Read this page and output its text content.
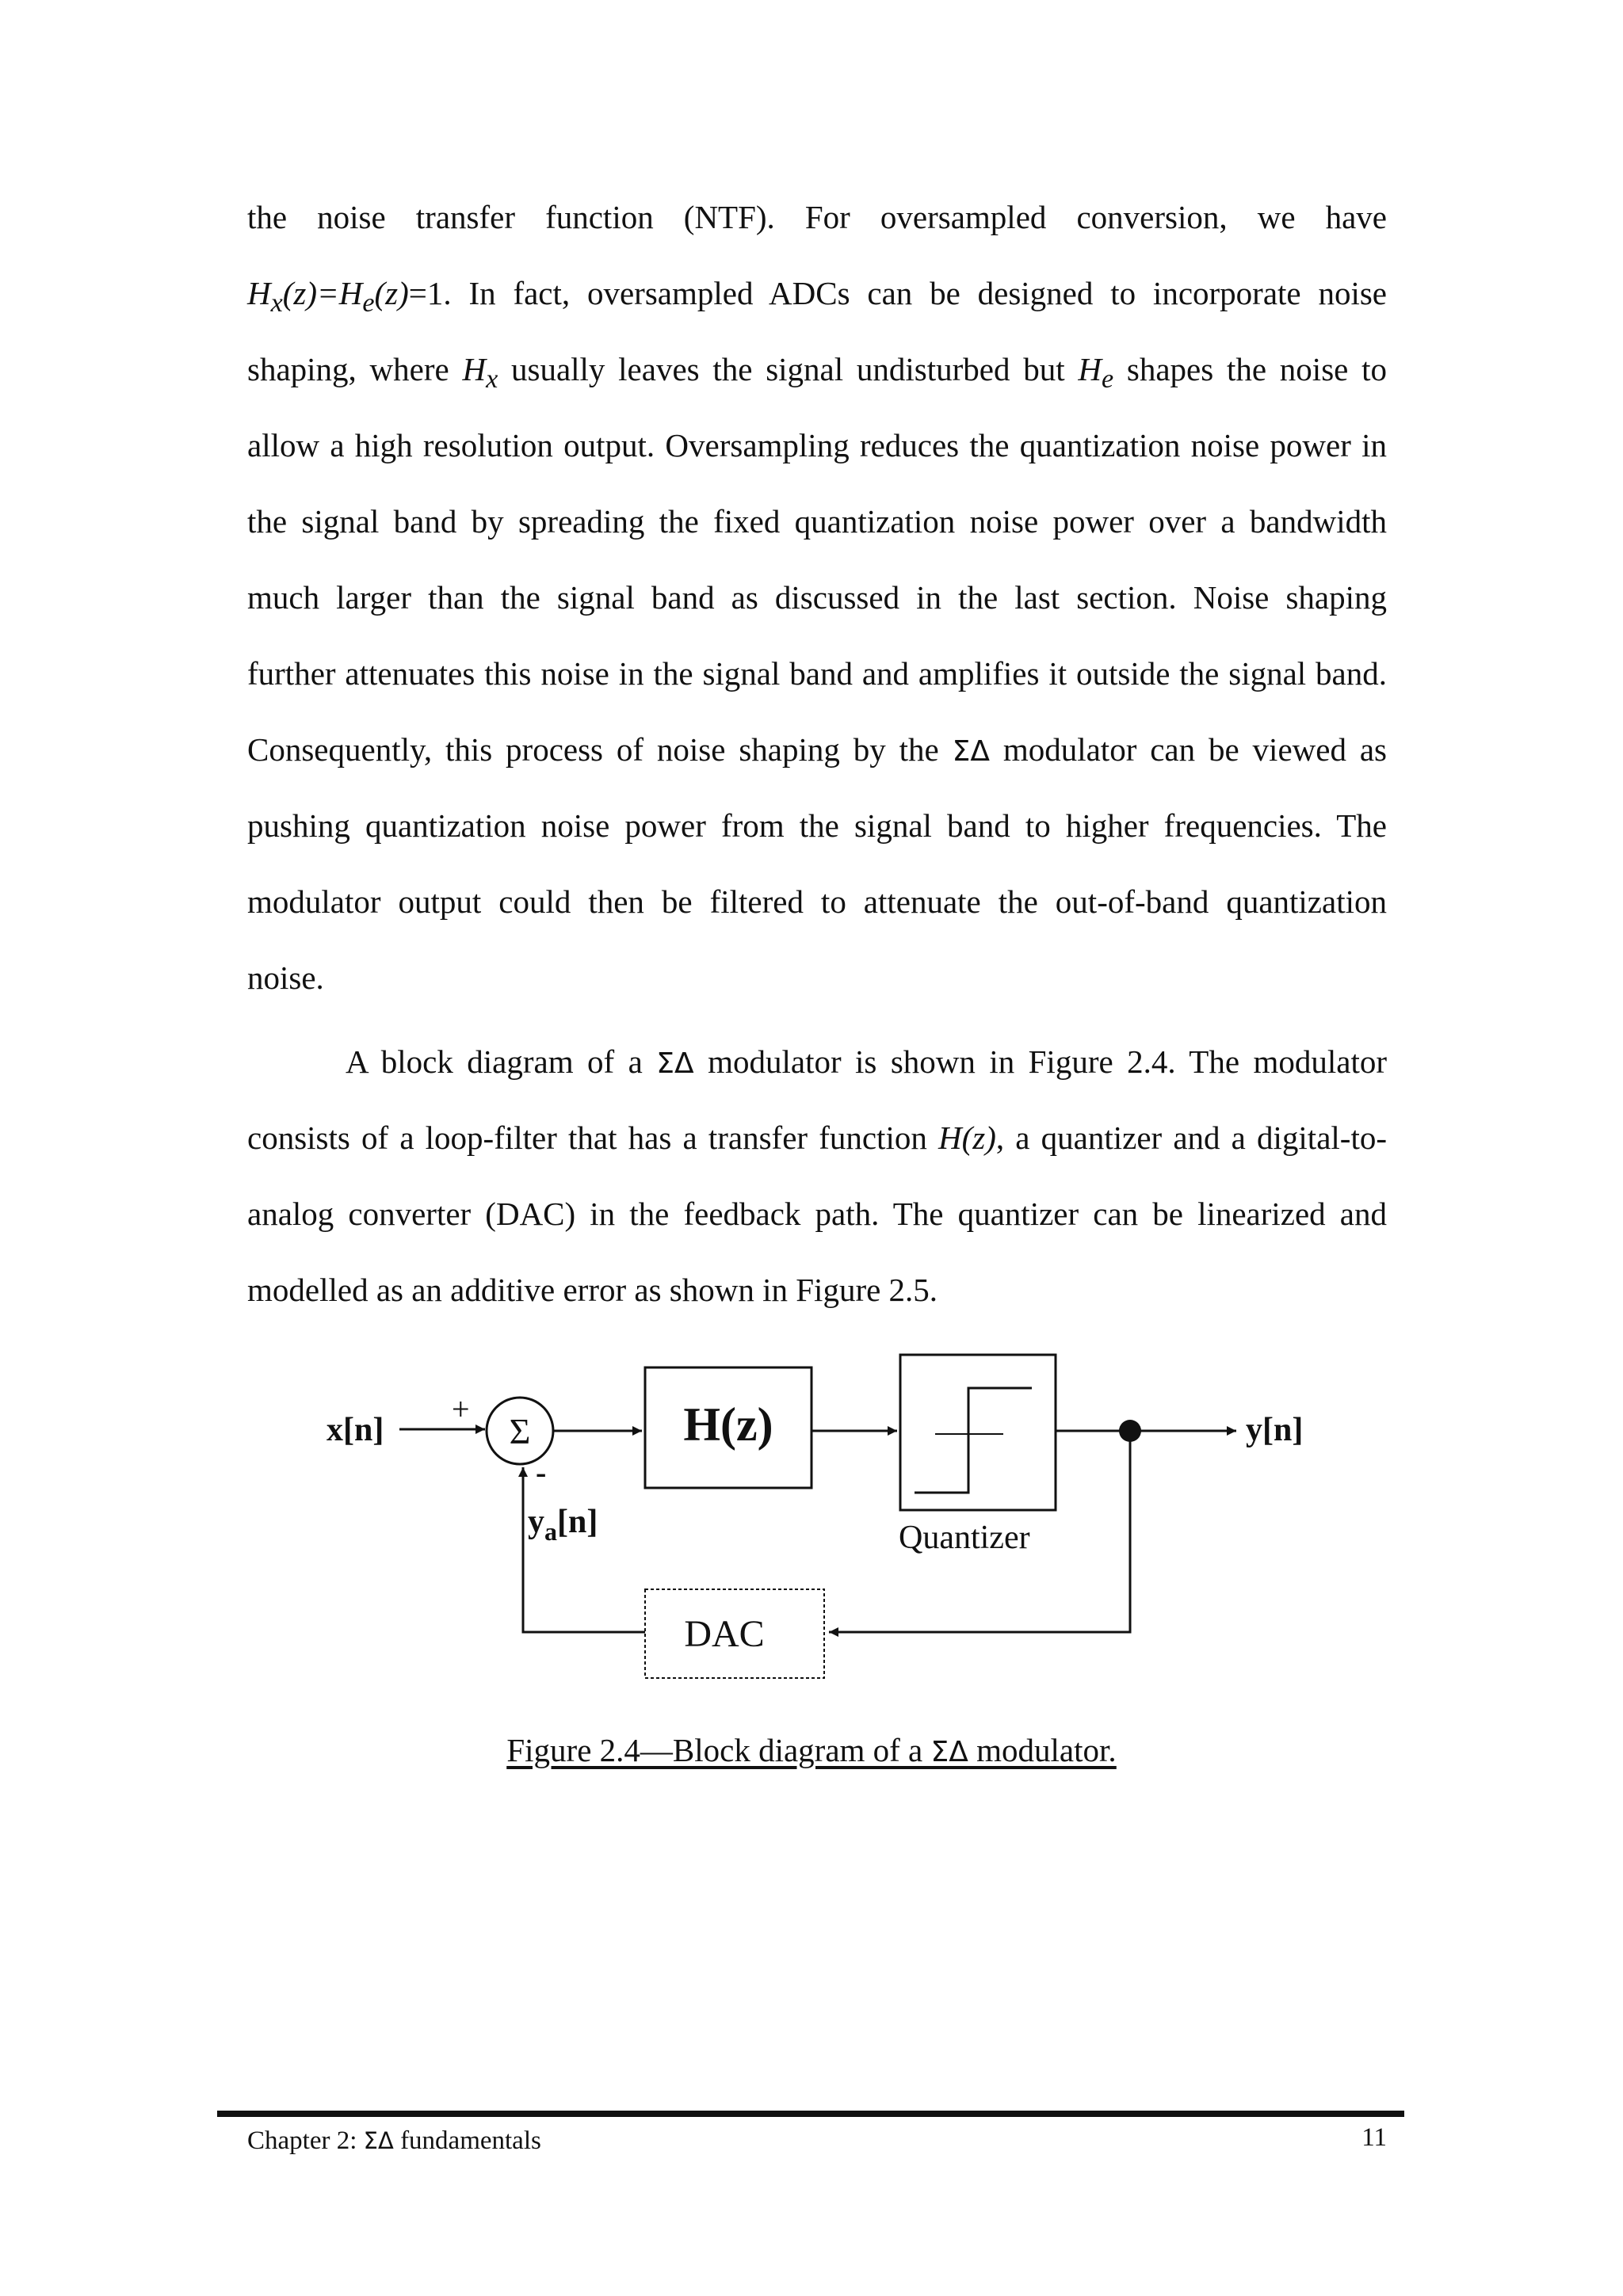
the noise transfer function (NTF). For oversampled conversion, we have
$H_x(z)=H_e(z)=1$. In fact, oversampled ADCs can be designed to incorporate noise
shaping, where $H_x$ usually leaves the signal undisturbed but $H_e$ shapes the noise to
allow a high resolution output. Oversampling reduces the quantization noise power in
the signal band by spreading the fixed quantization noise power over a bandwidth
much larger than the signal band as discussed in the last section. Noise shaping
further attenuates this noise in the signal band and amplifies it outside the signal band.
Consequently, this process of noise shaping by the ΣΔ modulator can be viewed as
pushing quantization noise power from the signal band to higher frequencies. The
modulator output could then be filtered to attenuate the out-of-band quantization
noise.
A block diagram of a ΣΔ modulator is shown in Figure 2.4. The modulator
consists of a loop-filter that has a transfer function H(z), a quantizer and a digital-to-
analog converter (DAC) in the feedback path. The quantizer can be linearized and
modelled as an additive error as shown in Figure 2.5.
x[n]
+
Σ	H(z)
Quantizer
y[n]
DAC
-
$y_a[n]$
Figure 2.4—Block diagram of a ΣΔ modulator.
Chapter 2: ΣΔ fundamentals	11
